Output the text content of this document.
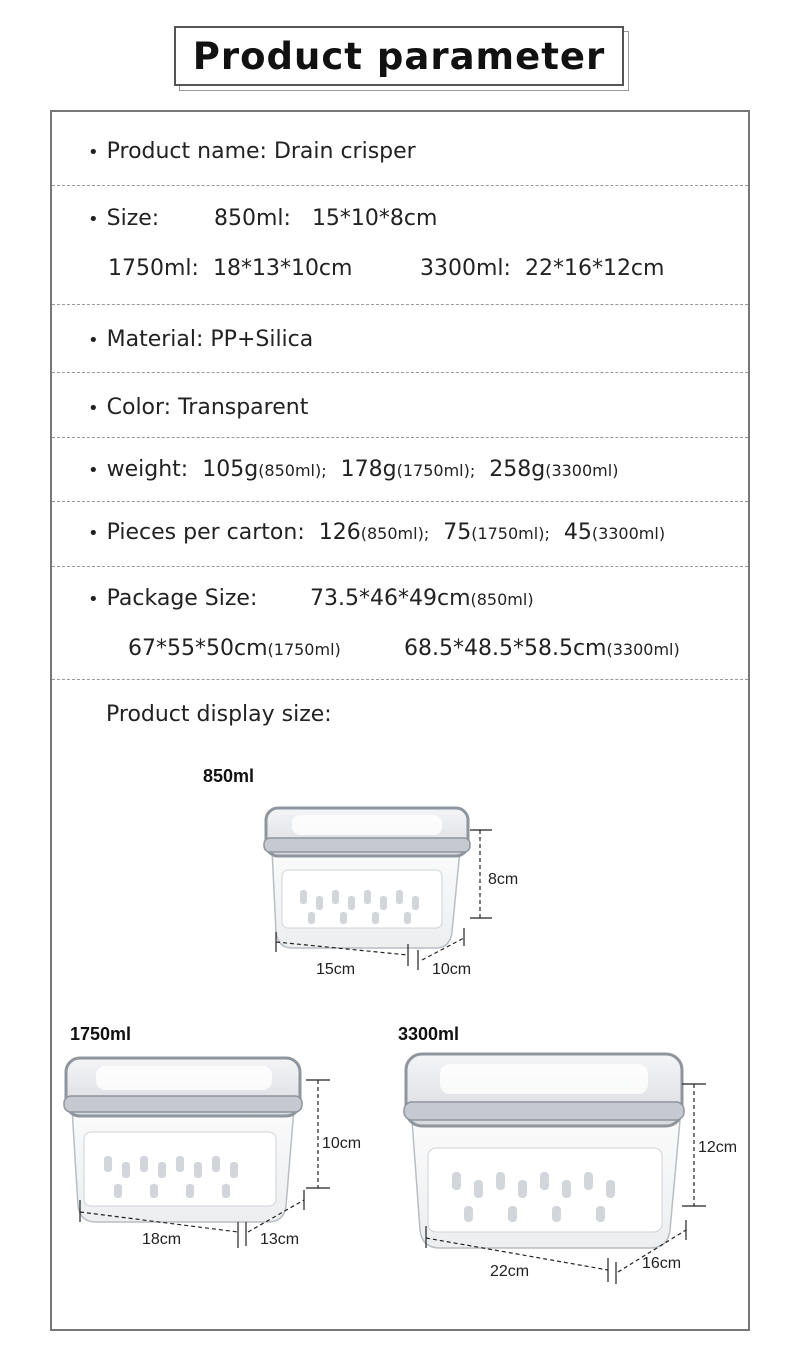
Product parameter
• Product name: Drain crisper
• Size: 850ml: 15*10*8cm
1750ml: 18*13*10cm	3300ml: 22*16*12cm
• Material: PP+Silica
• Color: Transparent
• weight: 105g(850ml); 178g(1750ml); 258g(3300ml)
• Pieces per carton: 126(850ml); 75(1750ml); 45(3300ml)
• Package Size: 73.5*46*49cm(850ml)
67*55*50cm(1750ml)	68.5*48.5*58.5cm(3300ml)
Product display size:
850ml
1750ml	3300ml
8cm
15cm	10cm
10cm
18cm	13cm
12cm
22cm	16cm
